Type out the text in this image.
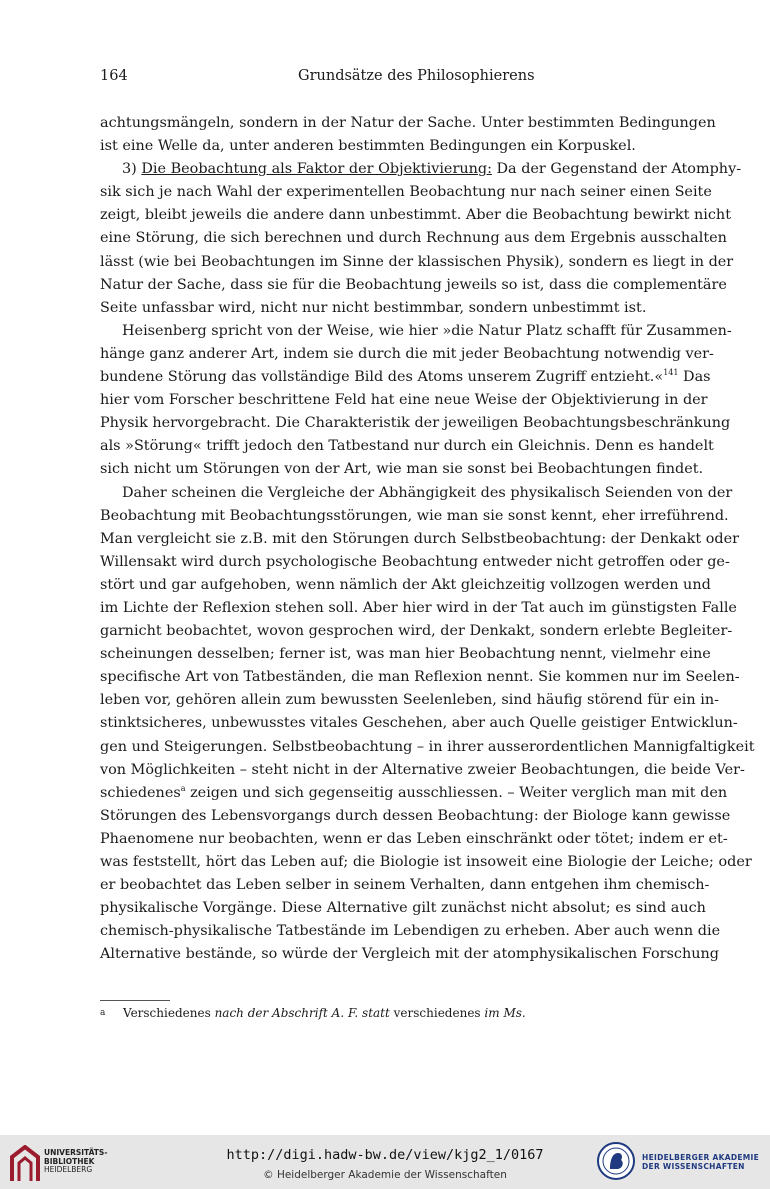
164	Grundsätze des Philosophierens
achtungsmängeln, sondern in der Natur der Sache. Unter bestimmten Bedingungen
ist eine Welle da, unter anderen bestimmten Bedingungen ein Korpuskel.
3) Die Beobachtung als Faktor der Objektivierung: Da der Gegenstand der Atomphy-
sik sich je nach Wahl der experimentellen Beobachtung nur nach seiner einen Seite
zeigt, bleibt jeweils die andere dann unbestimmt. Aber die Beobachtung bewirkt nicht
eine Störung, die sich berechnen und durch Rechnung aus dem Ergebnis ausschalten
lässt (wie bei Beobachtungen im Sinne der klassischen Physik), sondern es liegt in der
Natur der Sache, dass sie für die Beobachtung jeweils so ist, dass die complementäre
Seite unfassbar wird, nicht nur nicht bestimmbar, sondern unbestimmt ist.
Heisenberg spricht von der Weise, wie hier »die Natur Platz schafft für Zusammen-
hänge ganz anderer Art, indem sie durch die mit jeder Beobachtung notwendig ver-
bundene Störung das vollständige Bild des Atoms unserem Zugriff entzieht.«$^{141}$ Das
hier vom Forscher beschrittene Feld hat eine neue Weise der Objektivierung in der
Physik hervorgebracht. Die Charakteristik der jeweiligen Beobachtungsbeschränkung
als »Störung« trifft jedoch den Tatbestand nur durch ein Gleichnis. Denn es handelt
sich nicht um Störungen von der Art, wie man sie sonst bei Beobachtungen findet.
Daher scheinen die Vergleiche der Abhängigkeit des physikalisch Seienden von der
Beobachtung mit Beobachtungsstörungen, wie man sie sonst kennt, eher irreführend.
Man vergleicht sie z.B. mit den Störungen durch Selbstbeobachtung: der Denkakt oder
Willensakt wird durch psychologische Beobachtung entweder nicht getroffen oder ge-
stört und gar aufgehoben, wenn nämlich der Akt gleichzeitig vollzogen werden und
im Lichte der Reflexion stehen soll. Aber hier wird in der Tat auch im günstigsten Falle
garnicht beobachtet, wovon gesprochen wird, der Denkakt, sondern erlebte Begleiter-
scheinungen desselben; ferner ist, was man hier Beobachtung nennt, vielmehr eine
specifische Art von Tatbeständen, die man Reflexion nennt. Sie kommen nur im Seelen-
leben vor, gehören allein zum bewussten Seelenleben, sind häufig störend für ein in-
stinktsicheres, unbewusstes vitales Geschehen, aber auch Quelle geistiger Entwicklun-
gen und Steigerungen. Selbstbeobachtung – in ihrer ausserordentlichen Mannigfaltigkeit
von Möglichkeiten – steht nicht in der Alternative zweier Beobachtungen, die beide Ver-
schiedenes$^a$ zeigen und sich gegenseitig ausschliessen. – Weiter verglich man mit den
Störungen des Lebensvorgangs durch dessen Beobachtung: der Biologe kann gewisse
Phaenomene nur beobachten, wenn er das Leben einschränkt oder tötet; indem er et-
was feststellt, hört das Leben auf; die Biologie ist insoweit eine Biologie der Leiche; oder
er beobachtet das Leben selber in seinem Verhalten, dann entgehen ihm chemisch-
physikalische Vorgänge. Diese Alternative gilt zunächst nicht absolut; es sind auch
chemisch-physikalische Tatbestände im Lebendigen zu erheben. Aber auch wenn die
Alternative bestände, so würde der Vergleich mit der atomphysikalischen Forschung
a Verschiedenes nach der Abschrift A. F. statt verschiedenes im Ms.
UNIVERSITÄTS-
BIBLIOTHEK
HEIDELBERG
http://digi.hadw-bw.de/view/kjg2_1/0167
© Heidelberger Akademie der Wissenschaften
HEIDELBERGER AKADEMIE
DER WISSENSCHAFTEN
